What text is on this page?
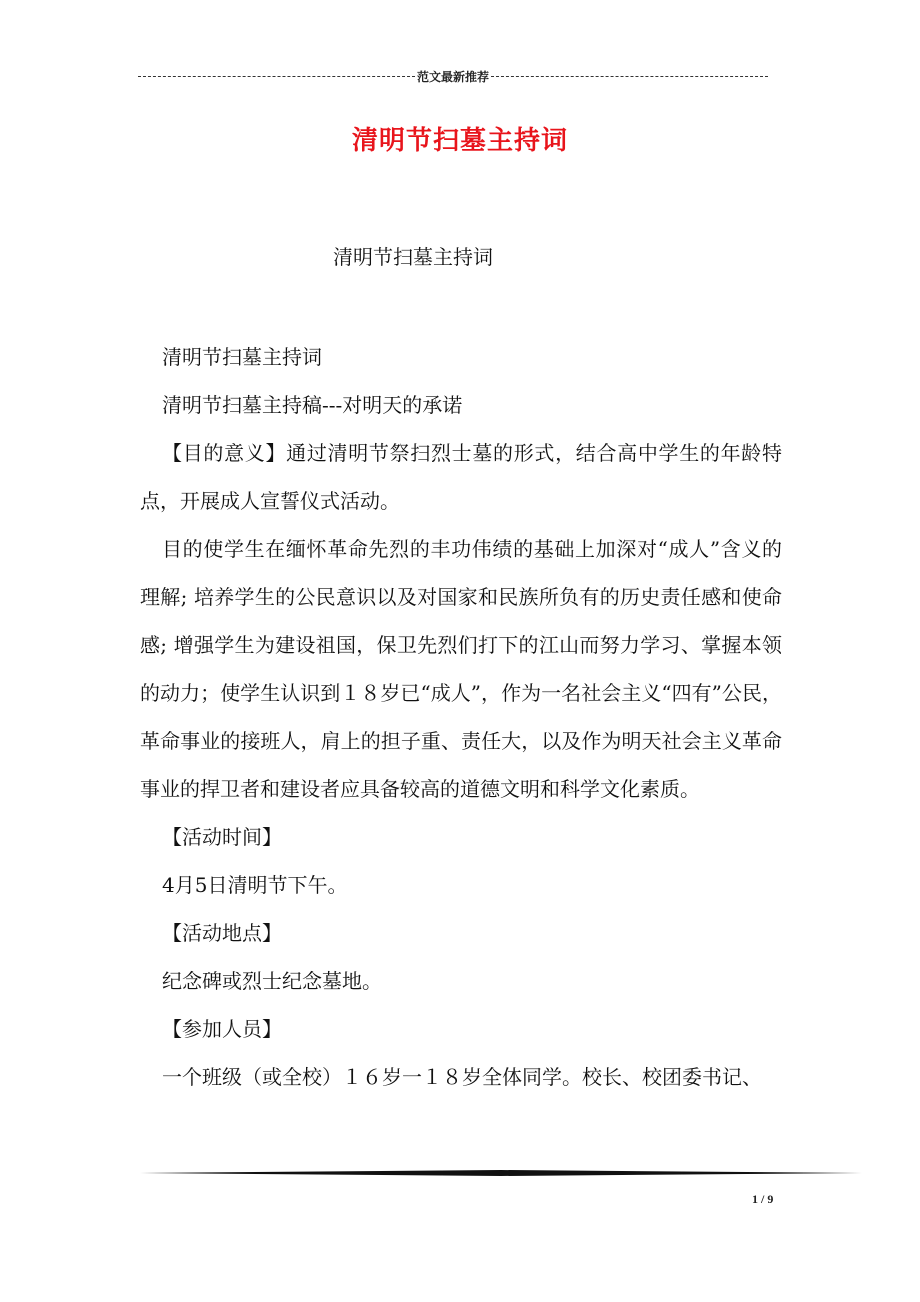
范文最新推荐
清明节扫墓主持词
清明节扫墓主持词

清明节扫墓主持词

清明节扫墓主持稿---对明天的承诺

【目的意义】通过清明节祭扫烈士墓的形式，结合高中学生的年龄特点，开展成人宣誓仪式活动。

目的使学生在缅怀革命先烈的丰功伟绩的基础上加深对“成人”含义的理解; 培养学生的公民意识以及对国家和民族所负有的历史责任感和使命感; 增强学生为建设祖国，保卫先烈们打下的江山而努力学习、掌握本领的动力；使学生认识到１８岁已“成人”，作为一名社会主义“四有”公民，革命事业的接班人，肩上的担子重、责任大，以及作为明天社会主义革命事业的捍卫者和建设者应具备较高的道德文明和科学文化素质。

【活动时间】

4月5日清明节下午。

【活动地点】

纪念碑或烈士纪念墓地。

【参加人员】

一个班级（或全校）１６岁一１８岁全体同学。校长、校团委书记、

1 / 9
